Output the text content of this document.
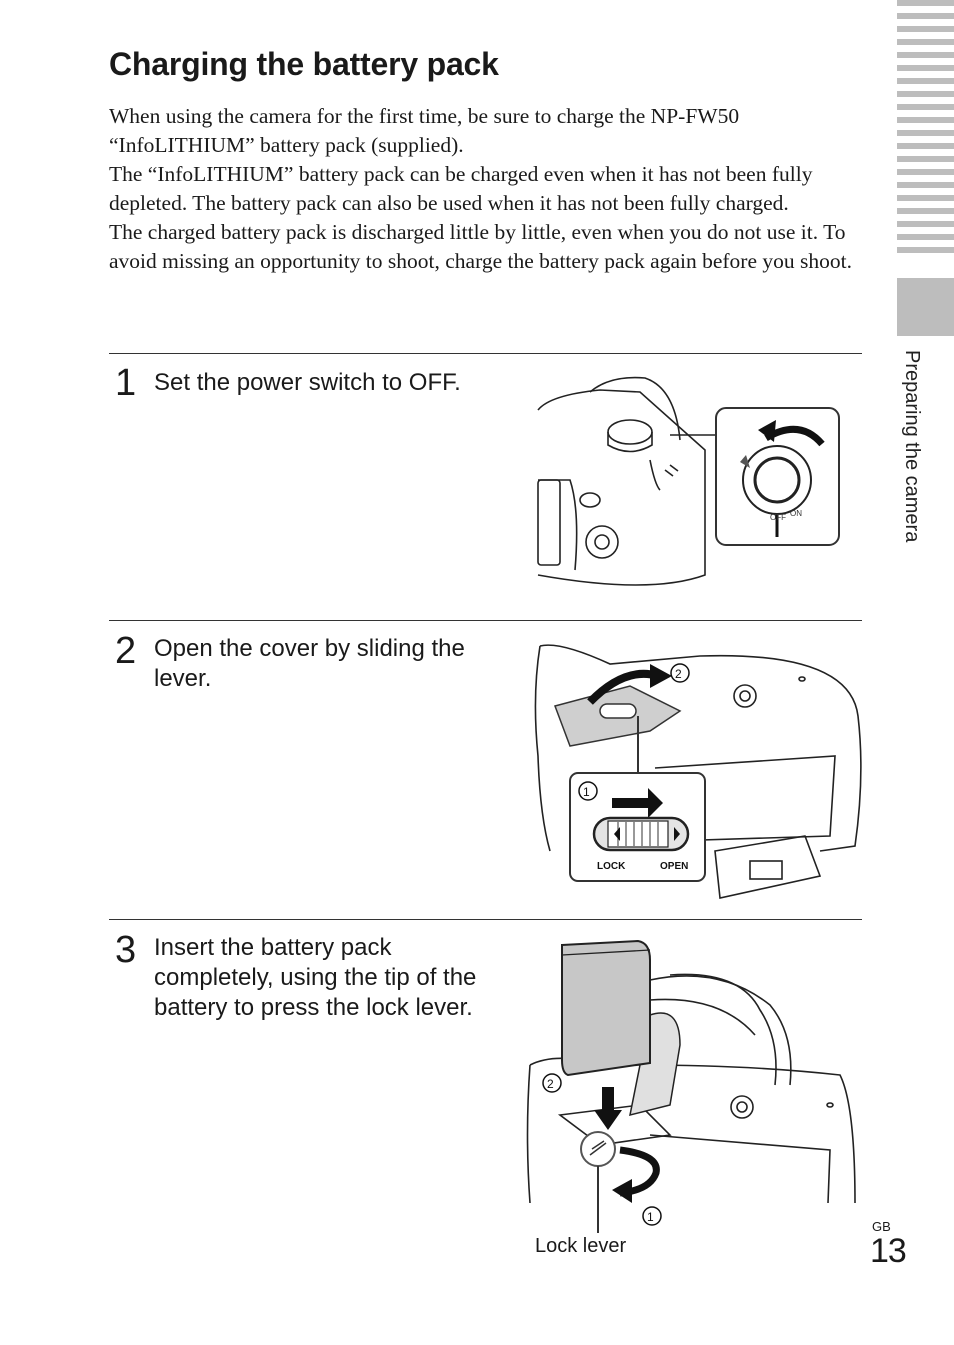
Preparing the camera
Charging the battery pack

When using the camera for the first time, be sure to charge the NP-FW50 “InfoLITHIUM” battery pack (supplied).

The “InfoLITHIUM” battery pack can be charged even when it has not been fully depleted. The battery pack can also be used when it has not been fully charged.

The charged battery pack is discharged little by little, even when you do not use it. To avoid missing an opportunity to shoot, charge the battery pack again before you shoot.

1 Set the power switch to OFF.
OFF ON
2 Open the cover by sliding the lever.	2
1
LOCK	OPEN
3 Insert the battery pack completely, using the tip of the battery to press the lock lever.
2
1
Lock lever
GB
13
